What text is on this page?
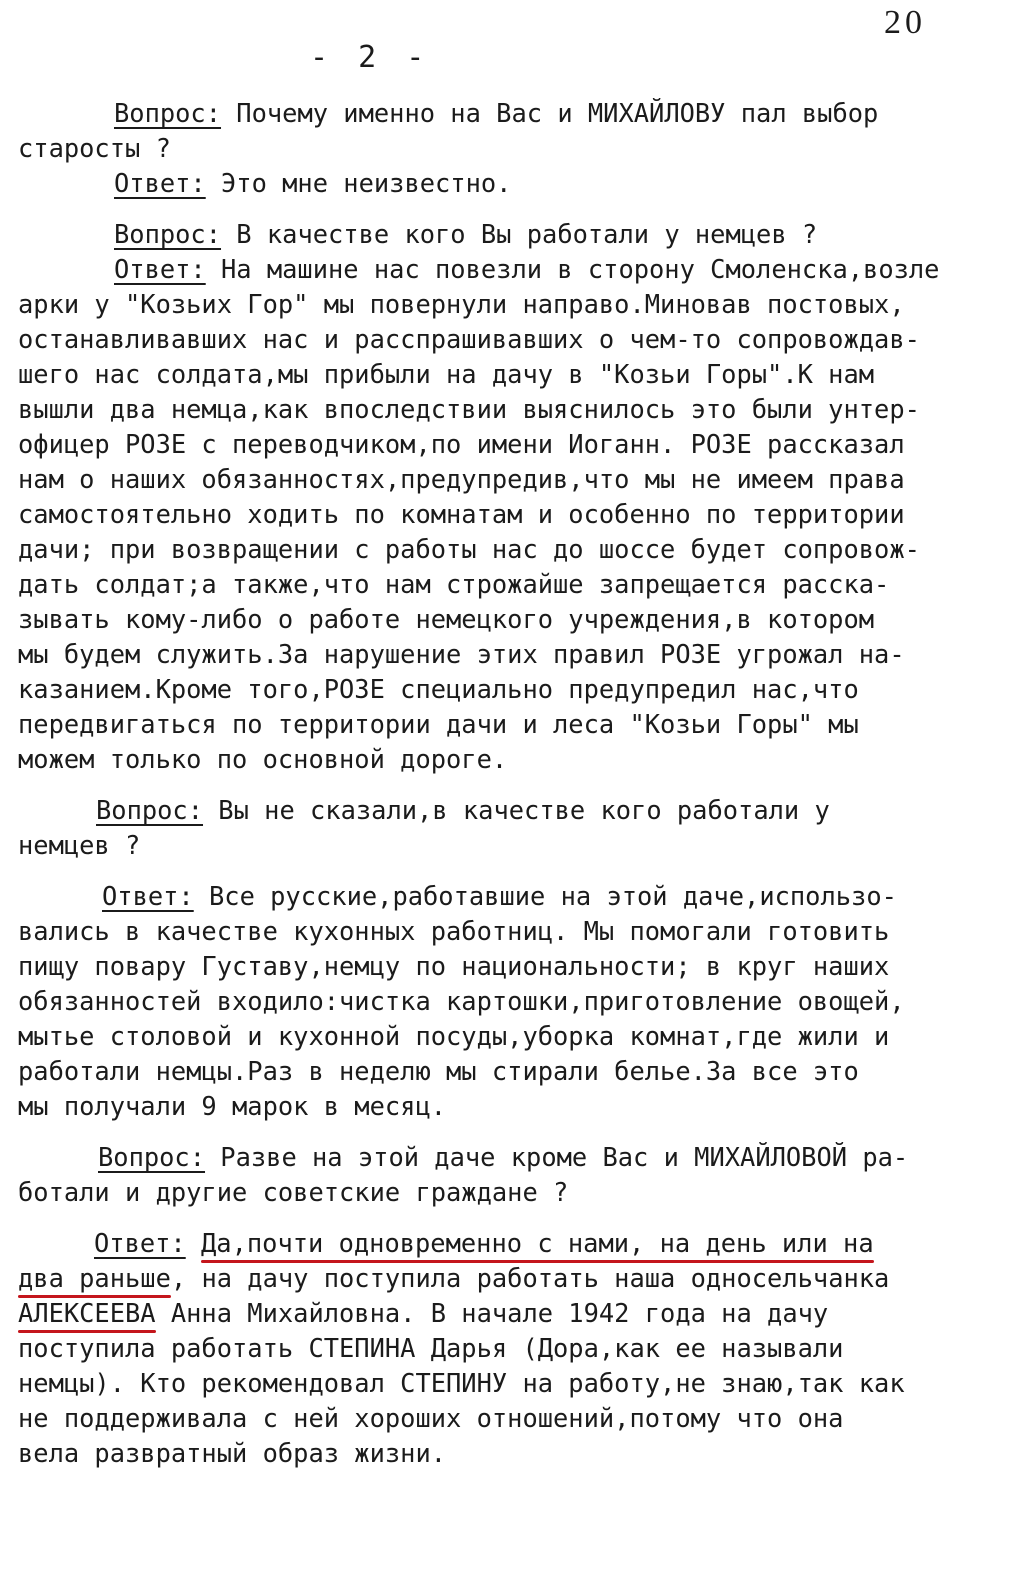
20
- 2 -
Вопрос: Почему именно на Вас и МИХАЙЛОВУ пал выбор
старосты ?
Ответ: Это мне неизвестно.
Вопрос: В качестве кого Вы работали у немцев ?
Ответ: На машине нас повезли в сторону Смоленска,возле
арки у "Козьих Гор" мы повернули направо.Миновав постовых,
останавливавших нас и расспрашивавших о чем-то сопровождав-
шего нас солдата,мы прибыли на дачу в "Козьи Горы".К нам
вышли два немца,как впоследствии выяснилось это были унтер-
офицер РОЗЕ с переводчиком,по имени Иоганн. РОЗЕ рассказал
нам о наших обязанностях,предупредив,что мы не имеем права
самостоятельно ходить по комнатам и особенно по территории
дачи; при возвращении с работы нас до шоссе будет сопровож-
дать солдат;а также,что нам строжайше запрещается расска-
зывать кому-либо о работе немецкого учреждения,в котором
мы будем служить.За нарушение этих правил РОЗЕ угрожал на-
казанием.Кроме того,РОЗЕ специально предупредил нас,что
передвигаться по территории дачи и леса "Козьи Горы" мы
можем только по основной дороге.
Вопрос: Вы не сказали,в качестве кого работали у
немцев ?
Ответ: Все русские,работавшие на этой даче,использо-
вались в качестве кухонных работниц. Мы помогали готовить
пищу повару Густаву,немцу по национальности; в круг наших
обязанностей входило:чистка картошки,приготовление овощей,
мытье столовой и кухонной посуды,уборка комнат,где жили и
работали немцы.Раз в неделю мы стирали белье.За все это
мы получали 9 марок в месяц.
Вопрос: Разве на этой даче кроме Вас и МИХАЙЛОВОЙ ра-
ботали и другие советские граждане ?
Ответ: Да,почти одновременно с нами, на день или на
два раньше, на дачу поступила работать наша односельчанка
АЛЕКСЕЕВА Анна Михайловна. В начале 1942 года на дачу
поступила работать СТЕПИНА Дарья (Дора,как ее называли
немцы). Кто рекомендовал СТЕПИНУ на работу,не знаю,так как
не поддерживала с ней хороших отношений,потому что она
вела развратный образ жизни.
